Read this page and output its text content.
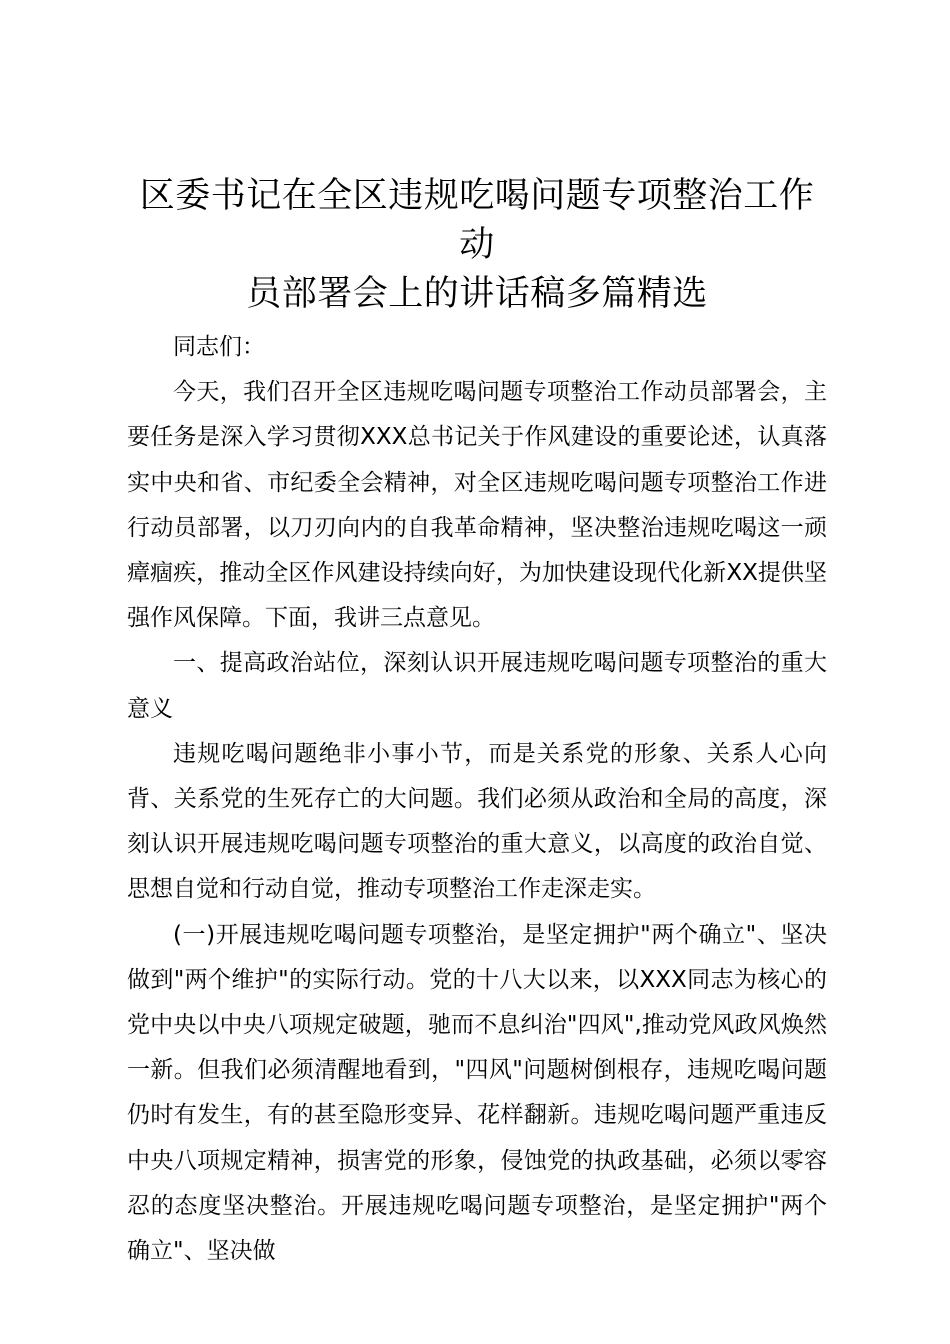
区委书记在全区违规吃喝问题专项整治工作动
员部署会上的讲话稿多篇精选

同志们：

今天，我们召开全区违规吃喝问题专项整治工作动员部署会，主要任务是深入学习贯彻XXX总书记关于作风建设的重要论述，认真落实中央和省、市纪委全会精神，对全区违规吃喝问题专项整治工作进行动员部署，以刀刃向内的自我革命精神，坚决整治违规吃喝这一顽瘴痼疾，推动全区作风建设持续向好，为加快建设现代化新XX提供坚强作风保障。下面，我讲三点意见。

一、提高政治站位，深刻认识开展违规吃喝问题专项整治的重大意义

违规吃喝问题绝非小事小节，而是关系党的形象、关系人心向背、关系党的生死存亡的大问题。我们必须从政治和全局的高度，深刻认识开展违规吃喝问题专项整治的重大意义，以高度的政治自觉、思想自觉和行动自觉，推动专项整治工作走深走实。

(一)开展违规吃喝问题专项整治，是坚定拥护"两个确立"、坚决做到"两个维护"的实际行动。党的十八大以来，以XXX同志为核心的党中央以中央八项规定破题，驰而不息纠治"四风",推动党风政风焕然一新。但我们必须清醒地看到，"四风"问题树倒根存，违规吃喝问题仍时有发生，有的甚至隐形变异、花样翻新。违规吃喝问题严重违反中央八项规定精神，损害党的形象，侵蚀党的执政基础，必须以零容忍的态度坚决整治。开展违规吃喝问题专项整治，是坚定拥护"两个确立"、坚决做
